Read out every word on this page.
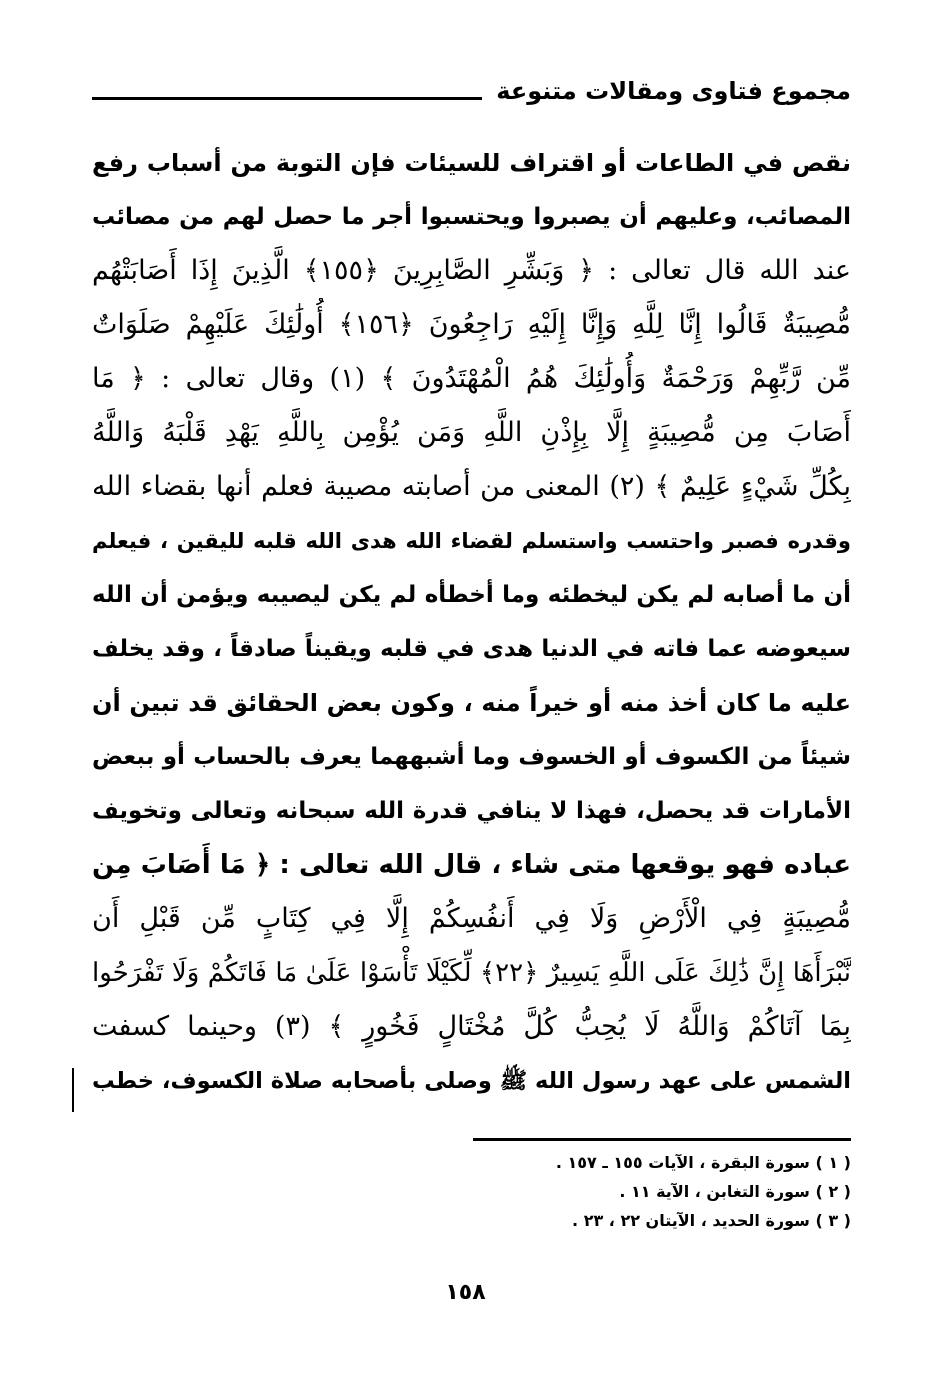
مجموع فتاوى ومقالات متنوعة
نقص في الطاعات أو اقتراف للسيئات فإن التوبة من أسباب رفع
المصائب، وعليهم أن يصبروا ويحتسبوا أجر ما حصل لهم من مصائب
عند الله قال تعالى : ﴿ وَبَشِّرِ الصَّابِرِينَ ﴿١٥٥﴾ الَّذِينَ إِذَا أَصَابَتْهُم
مُّصِيبَةٌ قَالُوا إِنَّا لِلَّهِ وَإِنَّا إِلَيْهِ رَاجِعُونَ ﴿١٥٦﴾ أُولَٰئِكَ عَلَيْهِمْ صَلَوَاتٌ
مِّن رَّبِّهِمْ وَرَحْمَةٌ وَأُولَٰئِكَ هُمُ الْمُهْتَدُونَ ﴾ (١) وقال تعالى : ﴿ مَا
أَصَابَ مِن مُّصِيبَةٍ إِلَّا بِإِذْنِ اللَّهِ وَمَن يُؤْمِن بِاللَّهِ يَهْدِ قَلْبَهُ وَاللَّهُ
بِكُلِّ شَيْءٍ عَلِيمٌ ﴾ (٢) المعنى من أصابته مصيبة فعلم أنها بقضاء الله
وقدره فصبر واحتسب واستسلم لقضاء الله هدى الله قلبه لليقين ، فيعلم
أن ما أصابه لم يكن ليخطئه وما أخطأه لم يكن ليصيبه ويؤمن أن الله
سيعوضه عما فاته في الدنيا هدى في قلبه ويقيناً صادقاً ، وقد يخلف
عليه ما كان أخذ منه أو خيراً منه ، وكون بعض الحقائق قد تبين أن
شيئاً من الكسوف أو الخسوف وما أشبههما يعرف بالحساب أو ببعض
الأمارات قد يحصل، فهذا لا ينافي قدرة الله سبحانه وتعالى وتخويف
عباده فهو يوقعها متى شاء ، قال الله تعالى : ﴿ مَا أَصَابَ مِن
مُّصِيبَةٍ فِي الْأَرْضِ وَلَا فِي أَنفُسِكُمْ إِلَّا فِي كِتَابٍ مِّن قَبْلِ أَن
نَّبْرَأَهَا إِنَّ ذَٰلِكَ عَلَى اللَّهِ يَسِيرٌ ﴿٢٢﴾ لِّكَيْلَا تَأْسَوْا عَلَىٰ مَا فَاتَكُمْ وَلَا تَفْرَحُوا
بِمَا آتَاكُمْ وَاللَّهُ لَا يُحِبُّ كُلَّ مُخْتَالٍ فَخُورٍ ﴾ (٣) وحينما كسفت
الشمس على عهد رسول الله ﷺ وصلى بأصحابه صلاة الكسوف، خطب
( ١ ) سورة البقرة ، الآيات ١٥٥ ـ ١٥٧ .
( ٢ ) سورة التغابن ، الآية ١١ .
( ٣ ) سورة الحديد ، الآيتان ٢٢ ، ٢٣ .
١٥٨
